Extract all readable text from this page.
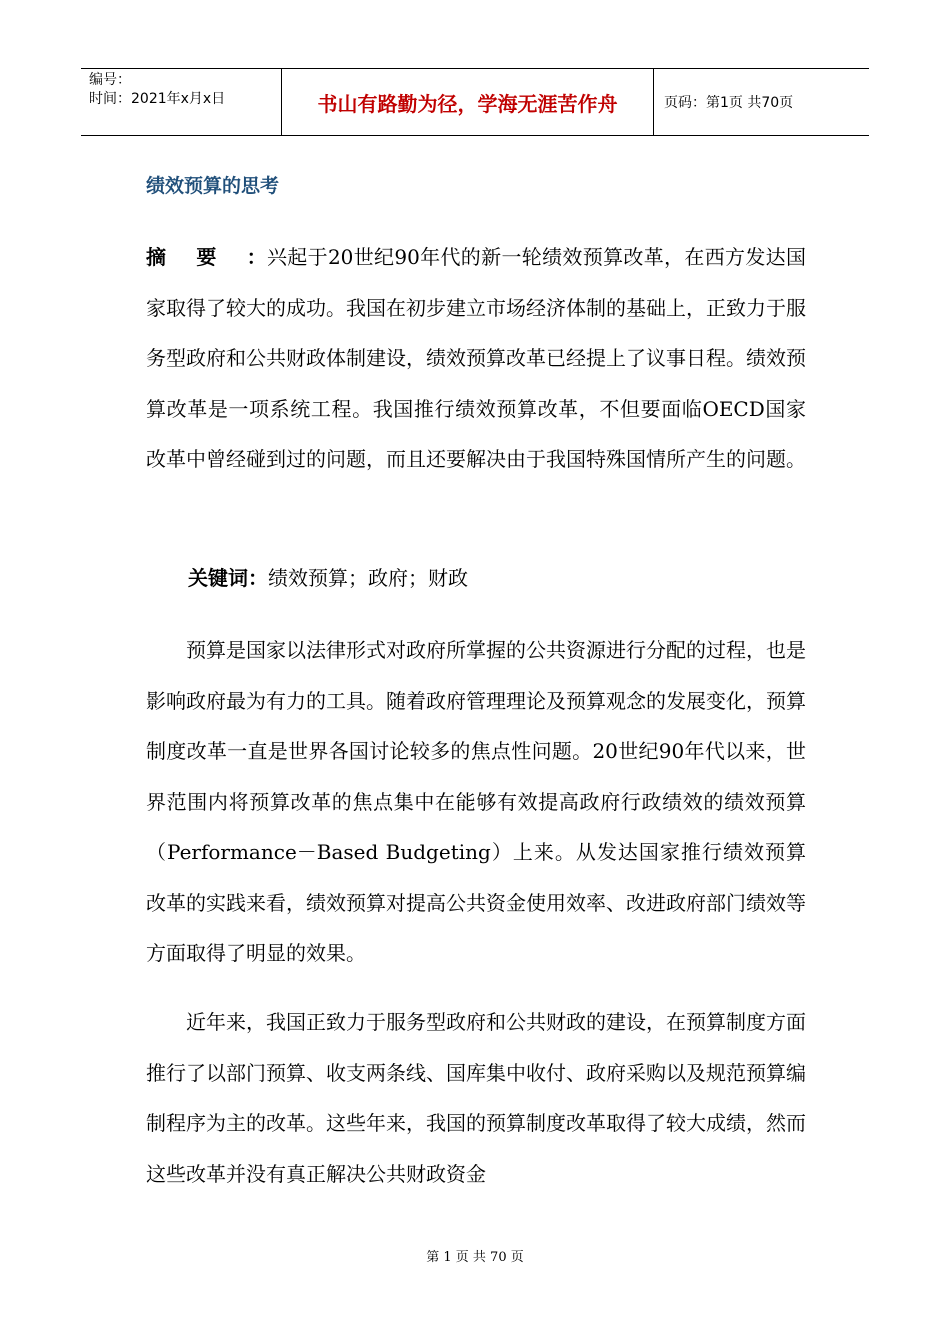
编号：
时间：2021年x月x日	书山有路勤为径，学海无涯苦作舟	页码：第1页 共70页
绩效预算的思考
摘要：兴起于20世纪90年代的新一轮绩效预算改革，在西方发达国家取得了较大的成功。我国在初步建立市场经济体制的基础上，正致力于服务型政府和公共财政体制建设，绩效预算改革已经提上了议事日程。绩效预算改革是一项系统工程。我国推行绩效预算改革，不但要面临OECD国家改革中曾经碰到过的问题，而且还要解决由于我国特殊国情所产生的问题。
关键词：绩效预算；政府；财政
预算是国家以法律形式对政府所掌握的公共资源进行分配的过程，也是影响政府最为有力的工具。随着政府管理理论及预算观念的发展变化，预算制度改革一直是世界各国讨论较多的焦点性问题。20世纪90年代以来，世界范围内将预算改革的焦点集中在能够有效提高政府行政绩效的绩效预算（Performance－Based Budgeting）上来。从发达国家推行绩效预算改革的实践来看，绩效预算对提高公共资金使用效率、改进政府部门绩效等方面取得了明显的效果。
近年来，我国正致力于服务型政府和公共财政的建设，在预算制度方面推行了以部门预算、收支两条线、国库集中收付、政府采购以及规范预算编制程序为主的改革。这些年来，我国的预算制度改革取得了较大成绩，然而这些改革并没有真正解决公共财政资金
第 1 页 共 70 页
